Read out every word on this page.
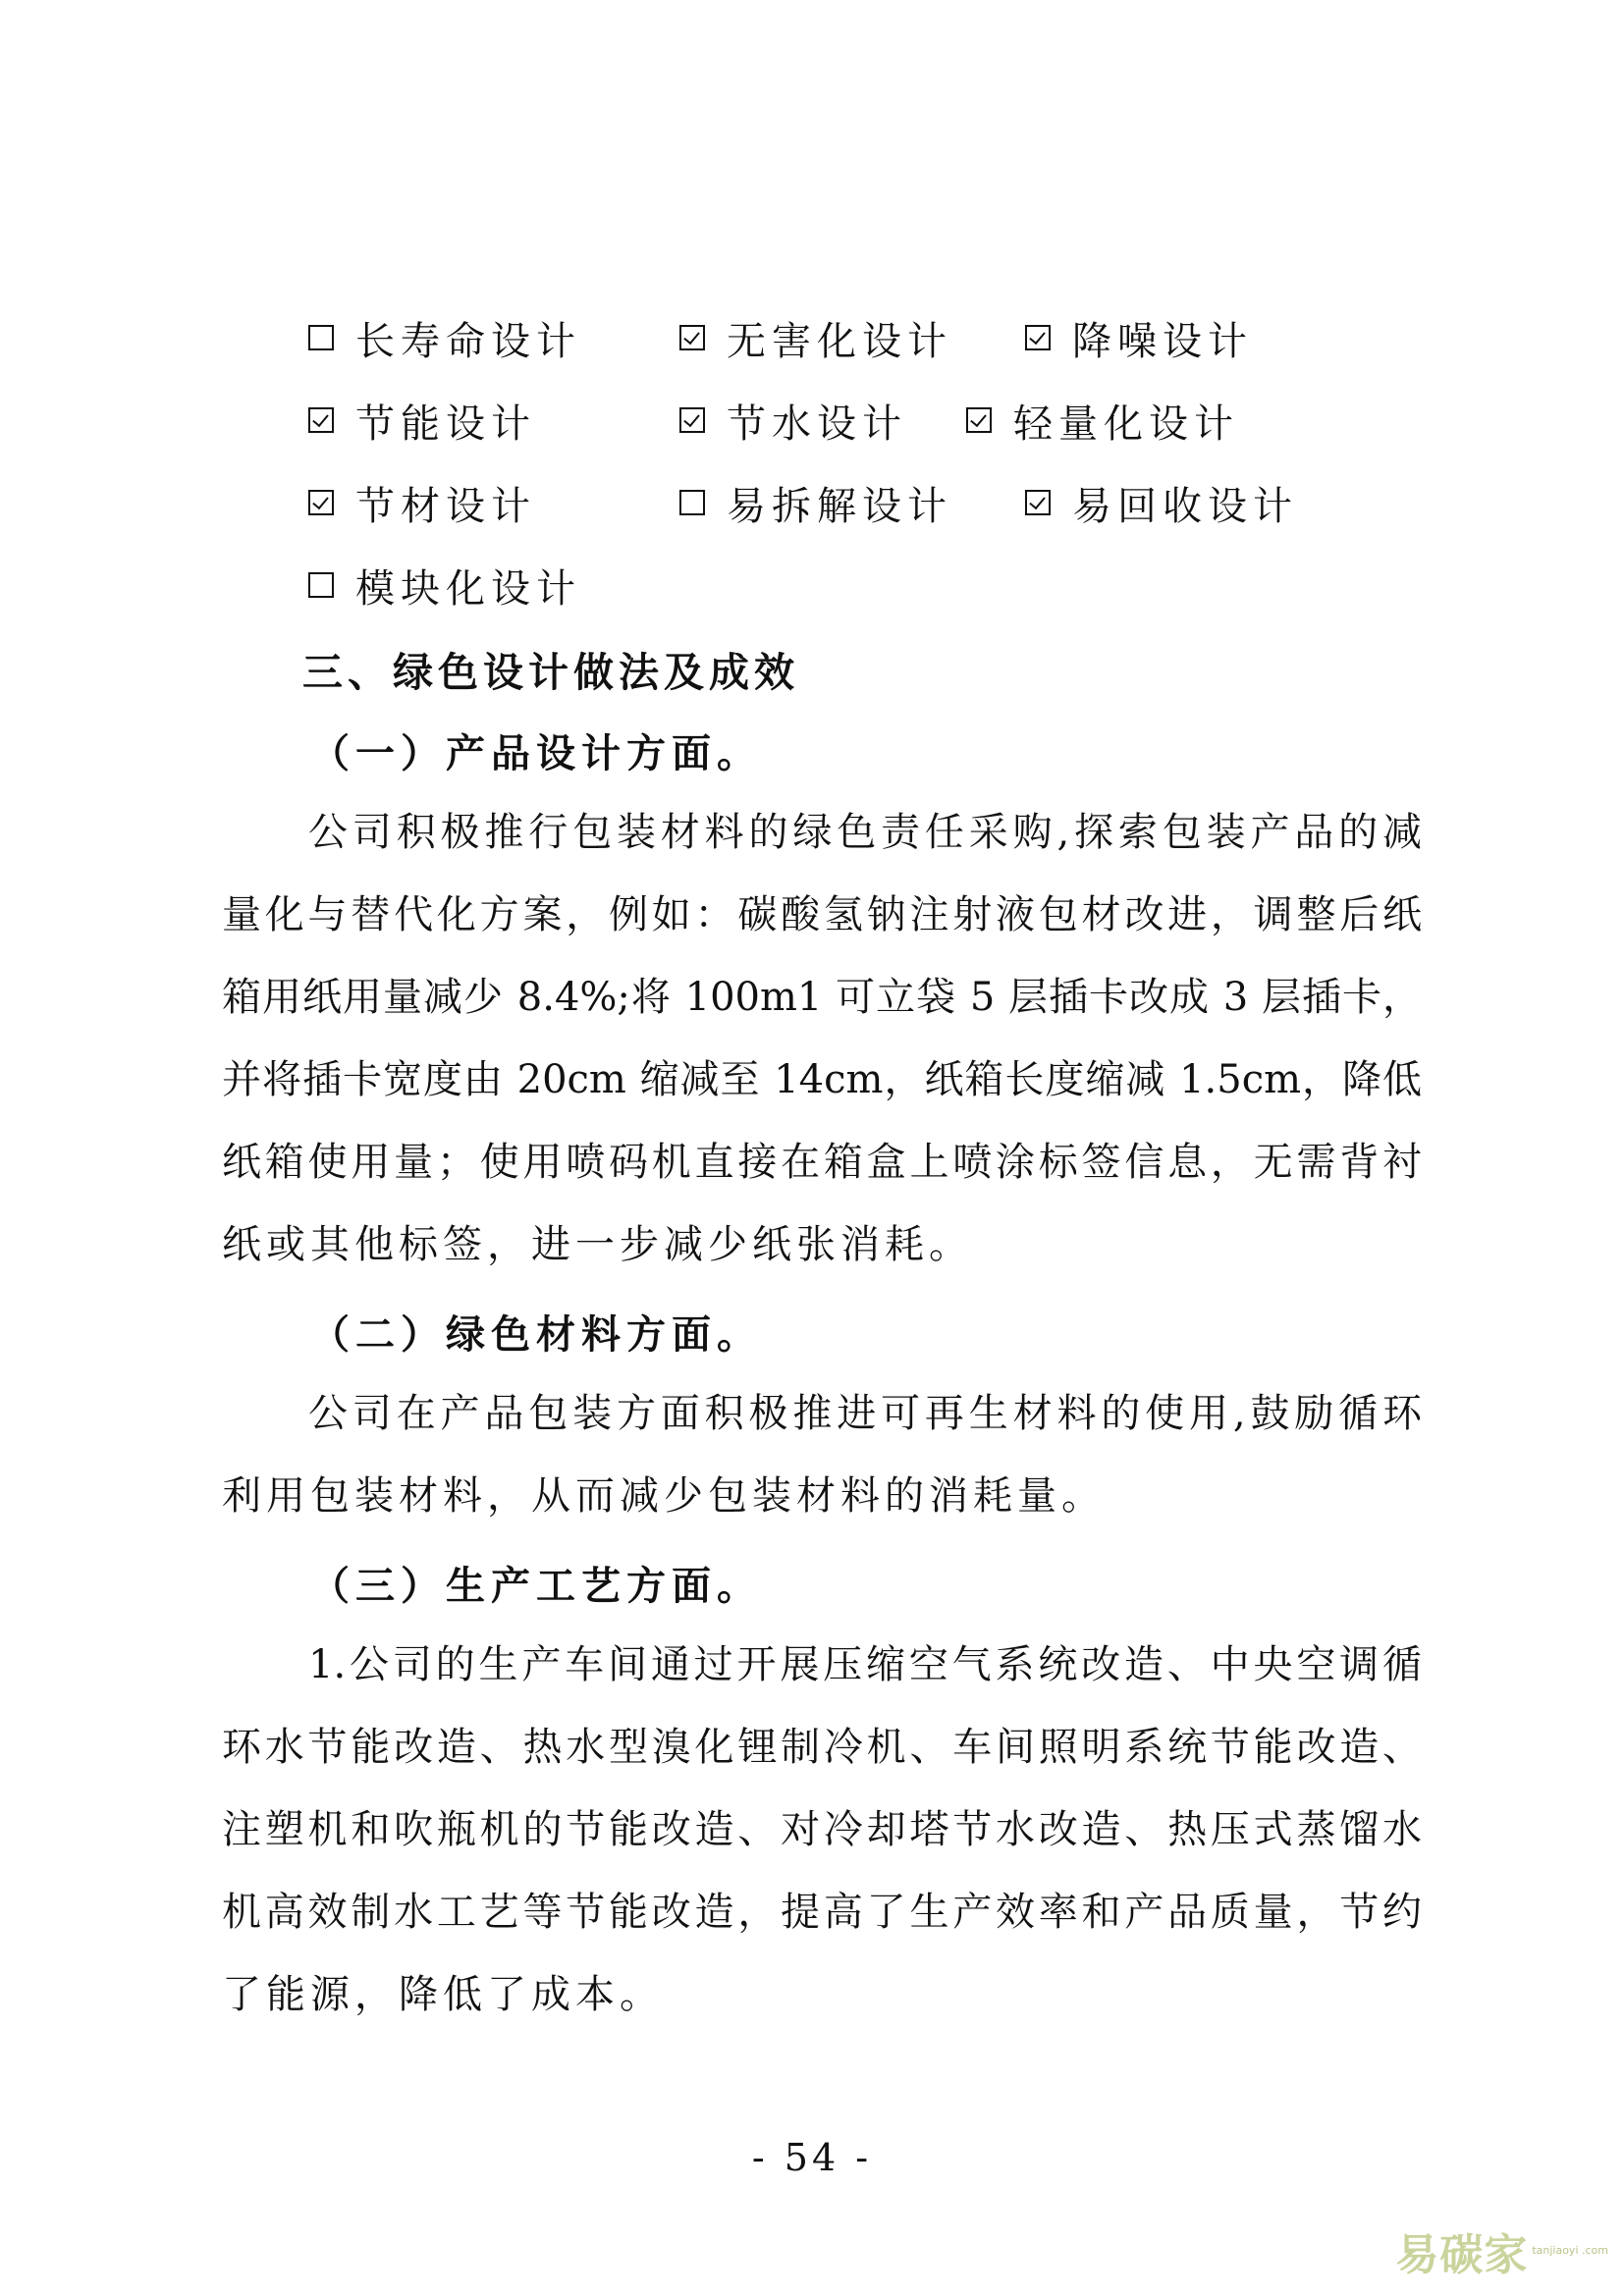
长寿命设计	无害化设计	降噪设计
节能设计	节水设计	轻量化设计
节材设计	易拆解设计	易回收设计
模块化设计
三、绿色设计做法及成效
（一）产品设计方面。
公司积极推行包装材料的绿色责任采购,探索包装产品的减
量化与替代化方案，例如：碳酸氢钠注射液包材改进，调整后纸
箱用纸用量减少 8.4%;将 100m1 可立袋 5 层插卡改成 3 层插卡，
并将插卡宽度由 20cm 缩减至 14cm，纸箱长度缩减 1.5cm，降低
纸箱使用量；使用喷码机直接在箱盒上喷涂标签信息，无需背衬
纸或其他标签，进一步减少纸张消耗。
（二）绿色材料方面。
公司在产品包装方面积极推进可再生材料的使用,鼓励循环
利用包装材料，从而减少包装材料的消耗量。
（三）生产工艺方面。
1.公司的生产车间通过开展压缩空气系统改造、中央空调循
环水节能改造、热水型溴化锂制冷机、车间照明系统节能改造、
注塑机和吹瓶机的节能改造、对冷却塔节水改造、热压式蒸馏水
机高效制水工艺等节能改造，提高了生产效率和产品质量，节约
了能源，降低了成本。
- 54 -
易碳家 tanjiaoyi .com
